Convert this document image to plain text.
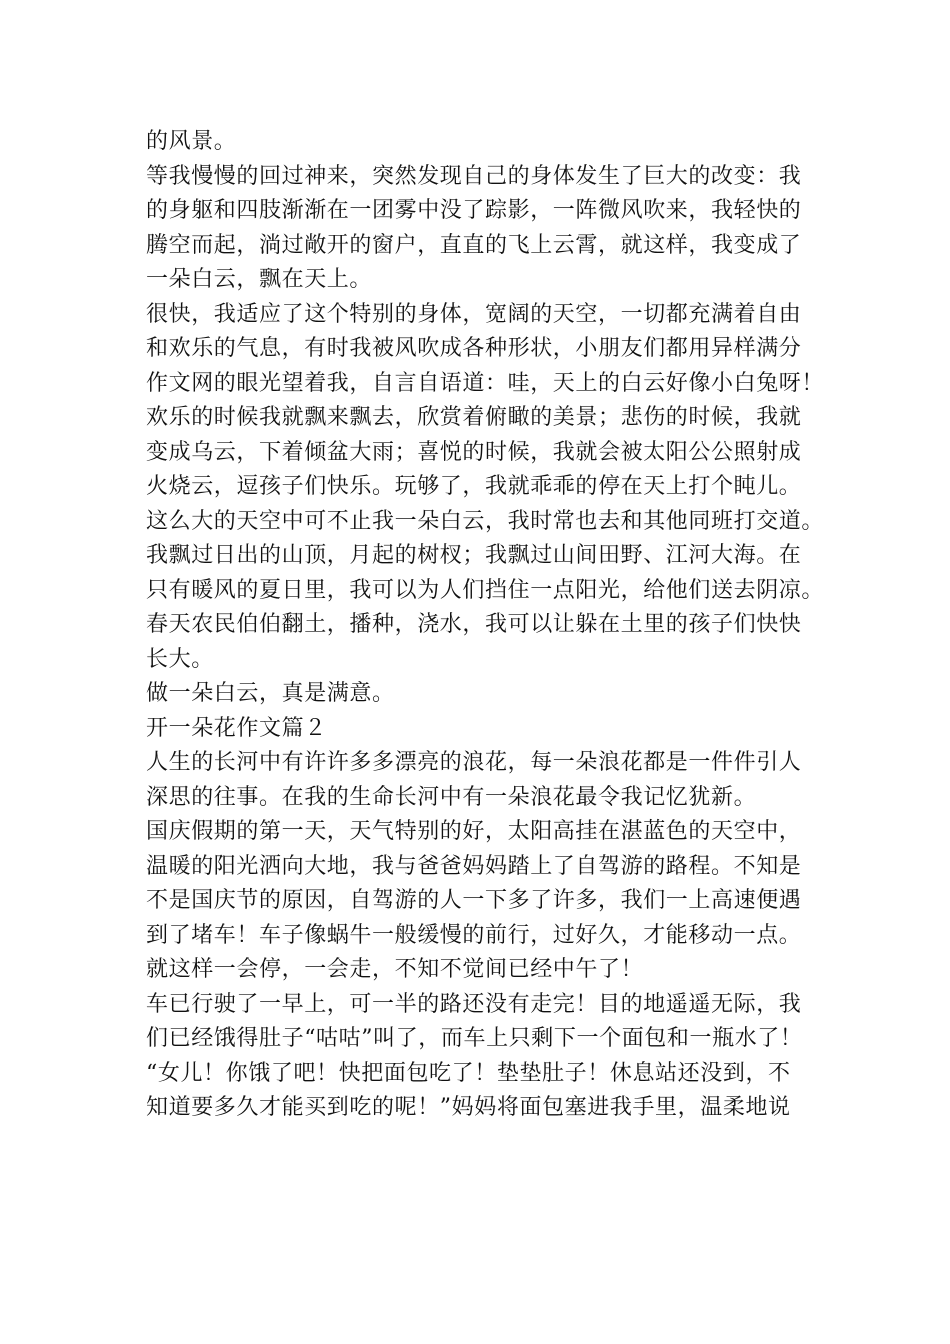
的风景。
等我慢慢的回过神来，突然发现自己的身体发生了巨大的改变：我
的身躯和四肢渐渐在一团雾中没了踪影，一阵微风吹来，我轻快的
腾空而起，淌过敞开的窗户，直直的飞上云霄，就这样，我变成了
一朵白云，飘在天上。
很快，我适应了这个特别的身体，宽阔的天空，一切都充满着自由
和欢乐的气息，有时我被风吹成各种形状，小朋友们都用异样满分
作文网的眼光望着我，自言自语道：哇，天上的白云好像小白兔呀！
欢乐的时候我就飘来飘去，欣赏着俯瞰的美景；悲伤的时候，我就
变成乌云，下着倾盆大雨；喜悦的时候，我就会被太阳公公照射成
火烧云，逗孩子们快乐。玩够了，我就乖乖的停在天上打个盹儿。
这么大的天空中可不止我一朵白云，我时常也去和其他同班打交道。
我飘过日出的山顶，月起的树杈；我飘过山间田野、江河大海。在
只有暖风的夏日里，我可以为人们挡住一点阳光，给他们送去阴凉。
春天农民伯伯翻土，播种，浇水，我可以让躲在土里的孩子们快快
长大。
做一朵白云，真是满意。
开一朵花作文篇２
人生的长河中有许许多多漂亮的浪花，每一朵浪花都是一件件引人
深思的往事。在我的生命长河中有一朵浪花最令我记忆犹新。
国庆假期的第一天，天气特别的好，太阳高挂在湛蓝色的天空中，
温暖的阳光洒向大地，我与爸爸妈妈踏上了自驾游的路程。不知是
不是国庆节的原因，自驾游的人一下多了许多，我们一上高速便遇
到了堵车！车子像蜗牛一般缓慢的前行，过好久，才能移动一点。
就这样一会停，一会走，不知不觉间已经中午了！
车已行驶了一早上，可一半的路还没有走完！目的地遥遥无际，我
们已经饿得肚子“咕咕”叫了，而车上只剩下一个面包和一瓶水了！
“女儿！你饿了吧！快把面包吃了！垫垫肚子！休息站还没到，不
知道要多久才能买到吃的呢！”妈妈将面包塞进我手里，温柔地说
